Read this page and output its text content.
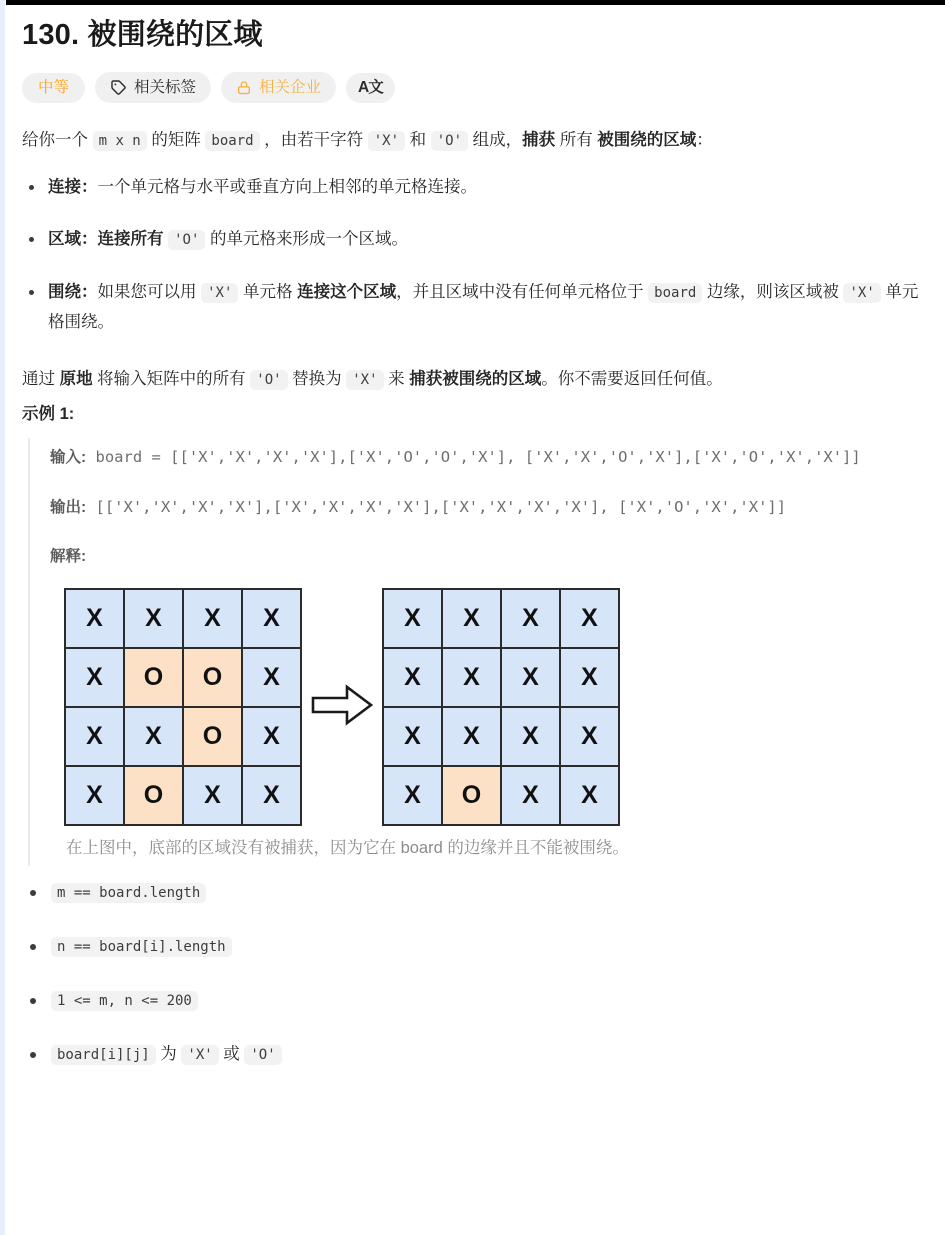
130. 被围绕的区域
中等	相关标签	相关企业 A文

给你一个 m x n 的矩阵 board ，由若干字符 'X' 和 'O' 组成，捕获 所有 被围绕的区域：

连接：一个单元格与水平或垂直方向上相邻的单元格连接。
区域：连接所有 'O' 的单元格来形成一个区域。
围绕：如果您可以用 'X' 单元格 连接这个区域，并且区域中没有任何单元格位于 board 边缘，则该区域被 'X' 单元格围绕。

通过 原地 将输入矩阵中的所有 'O' 替换为 'X' 来 捕获被围绕的区域。你不需要返回任何值。

示例 1:
输入: board = [['X','X','X','X'],['X','O','O','X'], ['X','X','O','X'],['X','O','X','X']]
输出: [['X','X','X','X'],['X','X','X','X'],['X','X','X','X'], ['X','O','X','X']]
解释:
X	X	X	X
X	O	O	X
X	X	O	X
X	O	X	X
X	X	X	X
X	X	X	X
X	X	X	X
X	O	X	X
在上图中，底部的区域没有被捕获，因为它在 board 的边缘并且不能被围绕。
m == board.length
n == board[i].length
1 <= m, n <= 200
board[i][j] 为 'X' 或 'O'
